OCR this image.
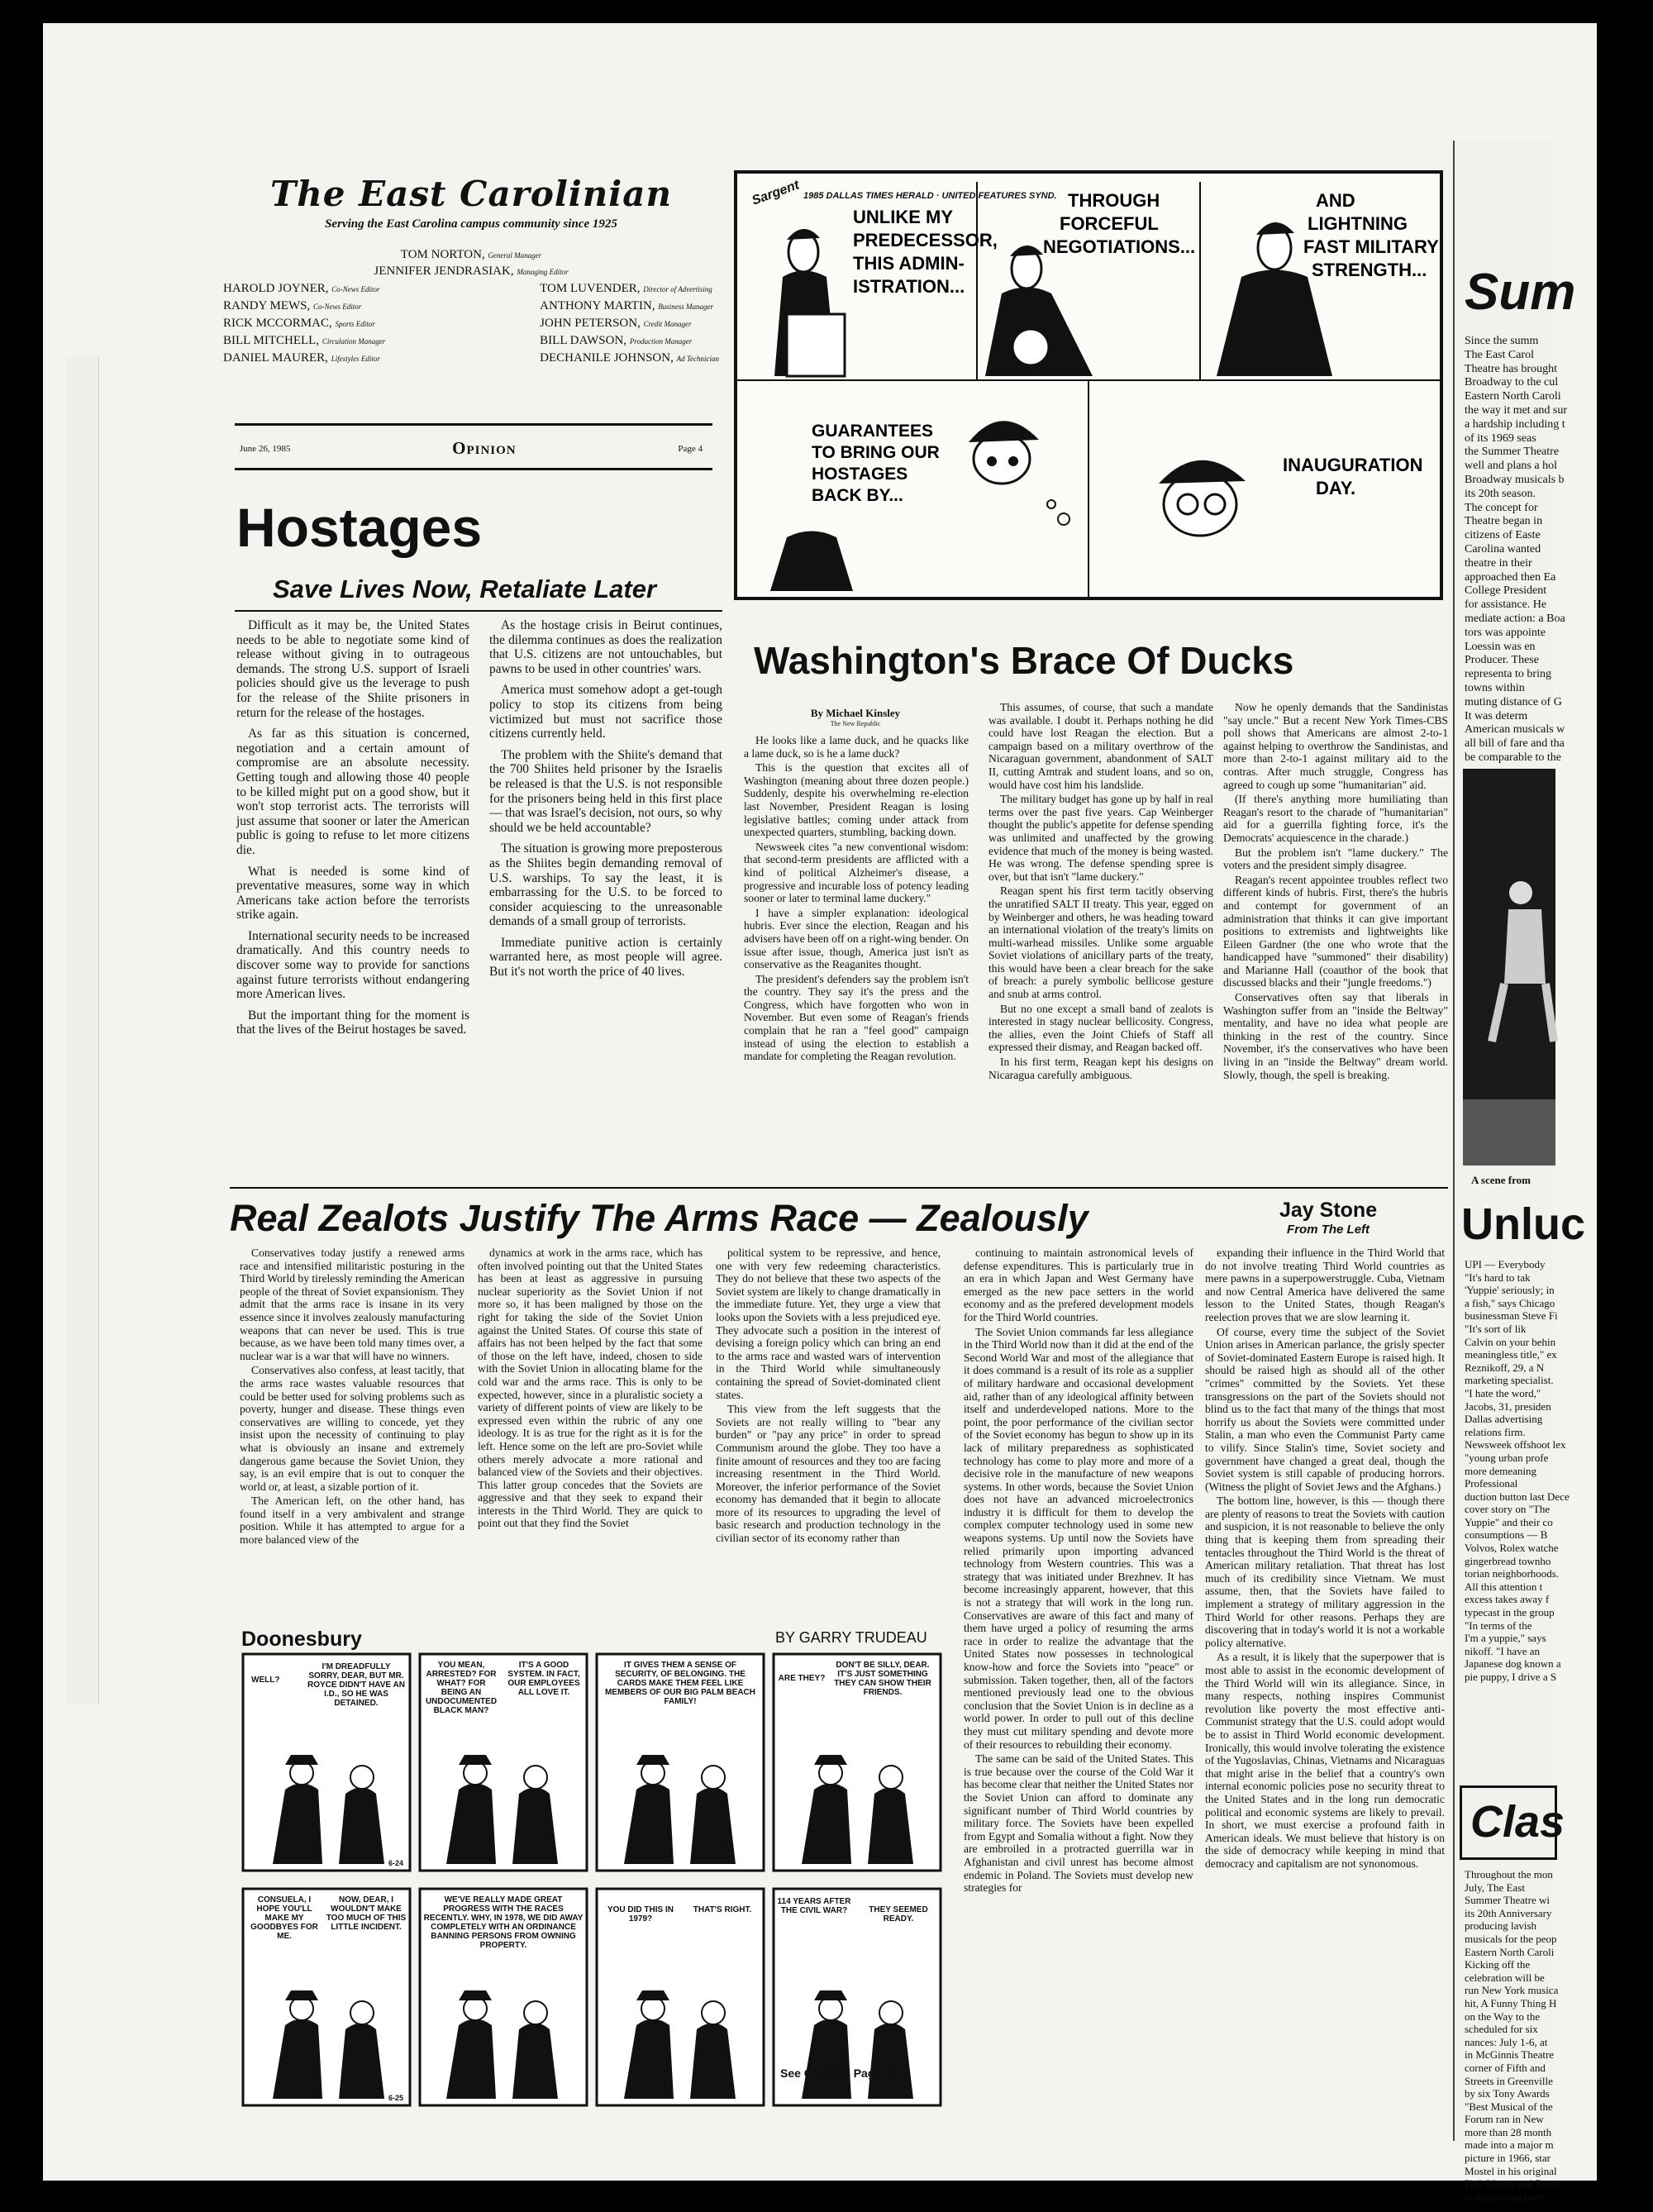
The East Carolinian
Serving the East Carolina campus community since 1925
TOM NORTON, General Manager
JENNIFER JENDRASIAK, Managing Editor
HAROLD JOYNER, Co-News Editor
RANDY MEWS, Co-News Editor
RICK MCCORMAC, Sports Editor
BILL MITCHELL, Circulation Manager
DANIEL MAURER, Lifestyles Editor
TOM LUVENDER, Director of Advertising
ANTHONY MARTIN, Business Manager
JOHN PETERSON, Credit Manager
BILL DAWSON, Production Manager
DECHANILE JOHNSON, Ad Technician
June 26, 1985	Opinion	Page 4
1985 DALLAS TIMES HERALD · UNITED FEATURES SYND.
Sargent
UNLIKE MY
PREDECESSOR,
THIS ADMIN-
ISTRATION...
THROUGH
FORCEFUL
NEGOTIATIONS...
AND
LIGHTNING
FAST MILITARY
STRENGTH...
GUARANTEES
TO BRING OUR
HOSTAGES
BACK BY...
INAUGURATION
DAY.
Hostages
Save Lives Now, Retaliate Later

Difficult as it may be, the United States needs to be able to negotiate some kind of release without giving in to outrageous demands. The strong U.S. support of Israeli policies should give us the leverage to push for the release of the Shiite prisoners in return for the release of the hostages.

As far as this situation is concerned, negotiation and a certain amount of compromise are an absolute necessity. Getting tough and allowing those 40 people to be killed might put on a good show, but it won't stop terrorist acts. The terrorists will just assume that sooner or later the American public is going to refuse to let more citizens die.

What is needed is some kind of preventative measures, some way in which Americans take action before the terrorists strike again.

International security needs to be increased dramatically. And this country needs to discover some way to provide for sanctions against future terrorists without endangering more American lives.

But the important thing for the moment is that the lives of the Beirut hostages be saved.

As the hostage crisis in Beirut continues, the dilemma continues as does the realization that U.S. citizens are not untouchables, but pawns to be used in other countries' wars.

America must somehow adopt a get-tough policy to stop its citizens from being victimized but must not sacrifice those citizens currently held.

The problem with the Shiite's demand that the 700 Shiites held prisoner by the Israelis be released is that the U.S. is not responsible for the prisoners being held in this first place — that was Israel's decision, not ours, so why should we be held accountable?

The situation is growing more preposterous as the Shiites begin demanding removal of U.S. warships. To say the least, it is embarrassing for the U.S. to be forced to consider acquiescing to the unreasonable demands of a small group of terrorists.

Immediate punitive action is certainly warranted here, as most people will agree. But it's not worth the price of 40 lives.

Washington's Brace Of Ducks
By Michael Kinsley
The New Republic

He looks like a lame duck, and he quacks like a lame duck, so is he a lame duck?

This is the question that excites all of Washington (meaning about three dozen people.) Suddenly, despite his overwhelming re-election last November, President Reagan is losing legislative battles; coming under attack from unexpected quarters, stumbling, backing down.

Newsweek cites "a new conventional wisdom: that second-term presidents are afflicted with a kind of political Alzheimer's disease, a progressive and incurable loss of potency leading sooner or later to terminal lame duckery."

I have a simpler explanation: ideological hubris. Ever since the election, Reagan and his advisers have been off on a right-wing bender. On issue after issue, though, America just isn't as conservative as the Reaganites thought.

The president's defenders say the problem isn't the country. They say it's the press and the Congress, which have forgotten who won in November. But even some of Reagan's friends complain that he ran a "feel good" campaign instead of using the election to establish a mandate for completing the Reagan revolution.

This assumes, of course, that such a mandate was available. I doubt it. Perhaps nothing he did could have lost Reagan the election. But a campaign based on a military overthrow of the Nicaraguan government, abandonment of SALT II, cutting Amtrak and student loans, and so on, would have cost him his landslide.

The military budget has gone up by half in real terms over the past five years. Cap Weinberger thought the public's appetite for defense spending was unlimited and unaffected by the growing evidence that much of the money is being wasted. He was wrong. The defense spending spree is over, but that isn't "lame duckery."

Reagan spent his first term tacitly observing the unratified SALT II treaty. This year, egged on by Weinberger and others, he was heading toward an international violation of the treaty's limits on multi-warhead missiles. Unlike some arguable Soviet violations of anicillary parts of the treaty, this would have been a clear breach for the sake of breach: a purely symbolic bellicose gesture and snub at arms control.

But no one except a small band of zealots is interested in stagy nuclear bellicosity. Congress, the allies, even the Joint Chiefs of Staff all expressed their dismay, and Reagan backed off.

In his first term, Reagan kept his designs on Nicaragua carefully ambiguous.

Now he openly demands that the Sandinistas "say uncle." But a recent New York Times-CBS poll shows that Americans are almost 2-to-1 against helping to overthrow the Sandinistas, and more than 2-to-1 against military aid to the contras. After much struggle, Congress has agreed to cough up some "humanitarian" aid.

(If there's anything more humiliating than Reagan's resort to the charade of "humanitarian" aid for a guerrilla fighting force, it's the Democrats' acquiescence in the charade.)

But the problem isn't "lame duckery." The voters and the president simply disagree.

Reagan's recent appointee troubles reflect two different kinds of hubris. First, there's the hubris and contempt for government of an administration that thinks it can give important positions to extremists and lightweights like Eileen Gardner (the one who wrote that the handicapped have "summoned" their disability) and Marianne Hall (coauthor of the book that discussed blacks and their "jungle freedoms.")

Conservatives often say that liberals in Washington suffer from an "inside the Beltway" mentality, and have no idea what people are thinking in the rest of the country. Since November, it's the conservatives who have been living in an "inside the Beltway" dream world. Slowly, though, the spell is breaking.

Real Zealots Justify The Arms Race — Zealously	Jay Stone
From The Left

Conservatives today justify a renewed arms race and intensified militaristic posturing in the Third World by tirelessly reminding the American people of the threat of Soviet expansionism. They admit that the arms race is insane in its very essence since it involves zealously manufacturing weapons that can never be used. This is true because, as we have been told many times over, a nuclear war is a war that will have no winners.

Conservatives also confess, at least tacitly, that the arms race wastes valuable resources that could be better used for solving problems such as poverty, hunger and disease. These things even conservatives are willing to concede, yet they insist upon the necessity of continuing to play what is obviously an insane and extremely dangerous game because the Soviet Union, they say, is an evil empire that is out to conquer the world or, at least, a sizable portion of it.

The American left, on the other hand, has found itself in a very ambivalent and strange position. While it has attempted to argue for a more balanced view of the

dynamics at work in the arms race, which has often involved pointing out that the United States has been at least as aggressive in pursuing nuclear superiority as the Soviet Union if not more so, it has been maligned by those on the right for taking the side of the Soviet Union against the United States. Of course this state of affairs has not been helped by the fact that some of those on the left have, indeed, chosen to side with the Soviet Union in allocating blame for the cold war and the arms race. This is only to be expected, however, since in a pluralistic society a variety of different points of view are likely to be expressed even within the rubric of any one ideology. It is as true for the right as it is for the left. Hence some on the left are pro-Soviet while others merely advocate a more rational and balanced view of the Soviets and their objectives. This latter group concedes that the Soviets are aggressive and that they seek to expand their interests in the Third World. They are quick to point out that they find the Soviet

political system to be repressive, and hence, one with very few redeeming characteristics. They do not believe that these two aspects of the Soviet system are likely to change dramatically in the immediate future. Yet, they urge a view that looks upon the Soviets with a less prejudiced eye. They advocate such a position in the interest of devising a foreign policy which can bring an end to the arms race and wasted wars of intervention in the Third World while simultaneously containing the spread of Soviet-dominated client states.

This view from the left suggests that the Soviets are not really willing to "bear any burden" or "pay any price" in order to spread Communism around the globe. They too have a finite amount of resources and they too are facing increasing resentment in the Third World. Moreover, the inferior performance of the Soviet economy has demanded that it begin to allocate more of its resources to upgrading the level of basic research and production technology in the civilian sector of its economy rather than

continuing to maintain astronomical levels of defense expenditures. This is particularly true in an era in which Japan and West Germany have emerged as the new pace setters in the world economy and as the prefered development models for the Third World countries.

The Soviet Union commands far less allegiance in the Third World now than it did at the end of the Second World War and most of the allegiance that it does command is a result of its role as a supplier of military hardware and occasional development aid, rather than of any ideological affinity between itself and underdeveloped nations. More to the point, the poor performance of the civilian sector of the Soviet economy has begun to show up in its lack of military preparedness as sophisticated technology has come to play more and more of a decisive role in the manufacture of new weapons systems. In other words, because the Soviet Union does not have an advanced microelectronics industry it is difficult for them to develop the complex computer technology used in some new weapons systems. Up until now the Soviets have relied primarily upon importing advanced technology from Western countries. This was a strategy that was initiated under Brezhnev. It has become increasingly apparent, however, that this is not a strategy that will work in the long run. Conservatives are aware of this fact and many of them have urged a policy of resuming the arms race in order to realize the advantage that the United States now possesses in technological know-how and force the Soviets into "peace" or submission. Taken together, then, all of the factors mentioned previously lead one to the obvious conclusion that the Soviet Union is in decline as a world power. In order to pull out of this decline they must cut military spending and devote more of their resources to rebuilding their economy.

The same can be said of the United States. This is true because over the course of the Cold War it has become clear that neither the United States nor the Soviet Union can afford to dominate any significant number of Third World countries by military force. The Soviets have been expelled from Egypt and Somalia without a fight. Now they are embroiled in a protracted guerrilla war in Afghanistan and civil unrest has become almost endemic in Poland. The Soviets must develop new strategies for

expanding their influence in the Third World that do not involve treating Third World countries as mere pawns in a superpowerstruggle. Cuba, Vietnam and now Central America have delivered the same lesson to the United States, though Reagan's reelection proves that we are slow learning it.

Of course, every time the subject of the Soviet Union arises in American parlance, the grisly specter of Soviet-dominated Eastern Europe is raised high. It should be raised high as should all of the other "crimes" committed by the Soviets. Yet these transgressions on the part of the Soviets should not blind us to the fact that many of the things that most horrify us about the Soviets were committed under Stalin, a man who even the Communist Party came to vilify. Since Stalin's time, Soviet society and government have changed a great deal, though the Soviet system is still capable of producing horrors. (Witness the plight of Soviet Jews and the Afghans.)

The bottom line, however, is this — though there are plenty of reasons to treat the Soviets with caution and suspicion, it is not reasonable to believe the only thing that is keeping them from spreading their tentacles throughout the Third World is the threat of American military retaliation. That threat has lost much of its credibility since Vietnam. We must assume, then, that the Soviets have failed to implement a strategy of military aggression in the Third World for other reasons. Perhaps they are discovering that in today's world it is not a workable policy alternative.

As a result, it is likely that the superpower that is most able to assist in the economic development of the Third World will win its allegiance. Since, in many respects, nothing inspires Communist revolution like poverty the most effective anti-Communist strategy that the U.S. could adopt would be to assist in Third World economic development. Ironically, this would involve tolerating the existence of the Yugoslavias, Chinas, Vietnams and Nicaraguas that might arise in the belief that a country's own internal economic policies pose no security threat to the United States and in the long run democratic political and economic systems are likely to prevail. In short, we must exercise a profound faith in American ideals. We must believe that history is on the side of democracy while keeping in mind that democracy and capitalism are not synonomous.

Doonesbury	BY GARRY TRUDEAU
WELL?
I'M DREADFULLY SORRY, DEAR, BUT MR. ROYCE DIDN'T HAVE AN I.D., SO HE WAS DETAINED.
YOU MEAN, ARRESTED? FOR WHAT? FOR BEING AN UNDOCUMENTED BLACK MAN?
IT'S A GOOD SYSTEM. IN FACT, OUR EMPLOYEES ALL LOVE IT.
IT GIVES THEM A SENSE OF SECURITY, OF BELONGING. THE CARDS MAKE THEM FEEL LIKE MEMBERS OF OUR BIG PALM BEACH FAMILY!
ARE THEY?
DON'T BE SILLY, DEAR. IT'S JUST SOMETHING THEY CAN SHOW THEIR FRIENDS.
CONSUELA, I HOPE YOU'LL MAKE MY GOODBYES FOR ME.
NOW, DEAR, I WOULDN'T MAKE TOO MUCH OF THIS LITTLE INCIDENT.
WE'VE REALLY MADE GREAT PROGRESS WITH THE RACES RECENTLY. WHY, IN 1978, WE DID AWAY COMPLETELY WITH AN ORDINANCE BANNING PERSONS FROM OWNING PROPERTY.
YOU DID THIS IN 1979?
THAT'S RIGHT.
114 YEARS AFTER THE CIVIL WAR?	THEY SEEMED READY.
6-24
6-25
See COMICS Page Six
Sum
Since the summ
The East Carol
Theatre has brought
Broadway to the cul
Eastern North Caroli
the way it met and sur
a hardship including t
of its 1969 seas
the Summer Theatre
well and plans a hol
Broadway musicals b
its 20th season.
The concept for
Theatre began in
citizens of Easte
Carolina wanted
theatre in their
approached then Ea
College President
for assistance. He
mediate action: a Boa
tors was appointe
Loessin was en
Producer. These
representa to bring
towns within
muting distance of G
It was determ
American musicals w
all bill of fare and tha
be comparable to the
A scene from
Unluc
UPI — Everybody
"It's hard to tak
'Yuppie' seriously; in
a fish," says Chicago
businessman Steve Fi
"It's sort of lik
Calvin on your behin
meaningless title," ex
Reznikoff, 29, a N
marketing specialist.
"I hate the word,"
Jacobs, 31, presiden
Dallas advertising
relations firm.
Newsweek offshoot lex
"young urban profe
more demeaning
Professional
duction button last Dece
cover story on "The
Yuppie" and their co
consumptions — B
Volvos, Rolex watche
gingerbread townho
torian neighborhoods.
All this attention t
excess takes away f
typecast in the group
"In terms of the
I'm a yuppie," says
nikoff. "I have an
Japanese dog known a
pie puppy, I drive a S
Clas
Throughout the mon
July, The East
Summer Theatre wi
its 20th Anniversary
producing lavish
musicals for the peop
Eastern North Caroli
Kicking off the
celebration will be
run New York musica
hit, A Funny Thing H
on the Way to the
scheduled for six
nances: July 1-6, at
in McGinnis Theatre
corner of Fifth and
Streets in Greenville
by six Tony Awards
"Best Musical of the
Forum ran in New
more than 28 month
made into a major m
picture in 1966, star
Mostel in his original
Phil Silvers and Buste
in supporting parts.
